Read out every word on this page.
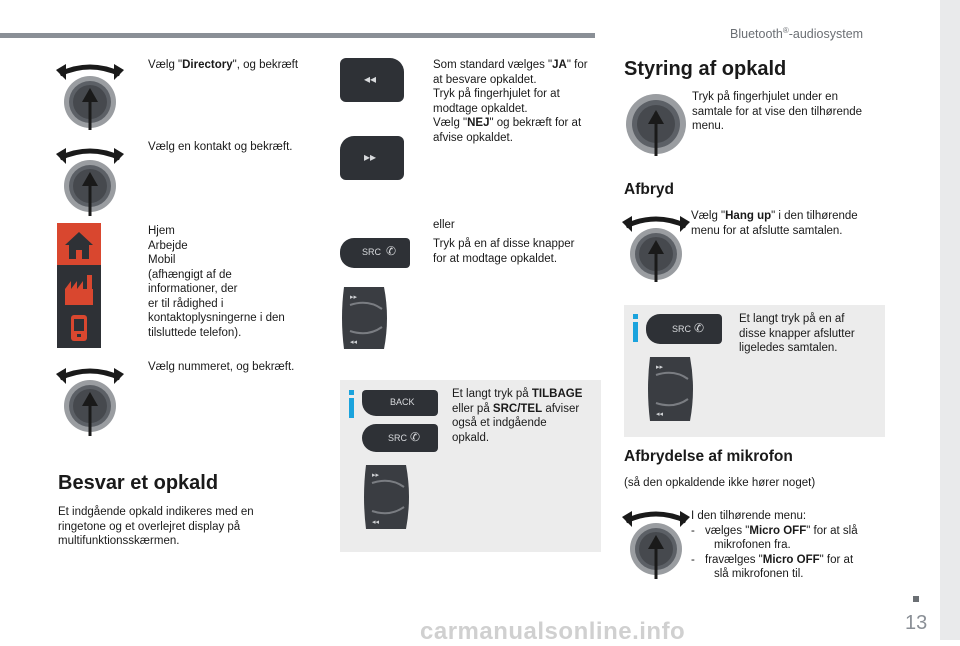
Bluetooth®-audiosystem
Vælg "Directory", og bekræft
Vælg en kontakt og bekræft.
Hjem
Arbejde
Mobil
(afhængigt af de
informationer, der
er til rådighed i
kontaktoplysningerne i den
tilsluttede telefon).
Vælg nummeret, og bekræft.
Besvar et opkald
Et indgående opkald indikeres med en
ringetone og et overlejret display på
multifunktionsskærmen.
◂◂
▸▸
Som standard vælges "JA" for
at besvare opkaldet.
Tryk på fingerhjulet for at
modtage opkaldet.
Vælg "NEJ" og bekræft for at
afvise opkaldet.
eller
Tryk på en af disse knapper
for at modtage opkaldet.
SRC ✆
▸▸
◂◂
BACK
SRC ✆
▸▸
◂◂
Et langt tryk på TILBAGE
eller på SRC/TEL afviser
også et indgående
opkald.
Styring af opkald
Tryk på fingerhjulet under en
samtale for at vise den tilhørende
menu.
Afbryd
Vælg "Hang up" i den tilhørende
menu for at afslutte samtalen.
SRC ✆
▸▸
◂◂
Et langt tryk på en af
disse knapper afslutter
ligeledes samtalen.
Afbrydelse af mikrofon
(så den opkaldende ikke hører noget)
I den tilhørende menu:
- vælges "Micro OFF" for at slå
mikrofonen fra.
- fravælges "Micro OFF" for at
slå mikrofonen til.
13
carmanualsonline.info
